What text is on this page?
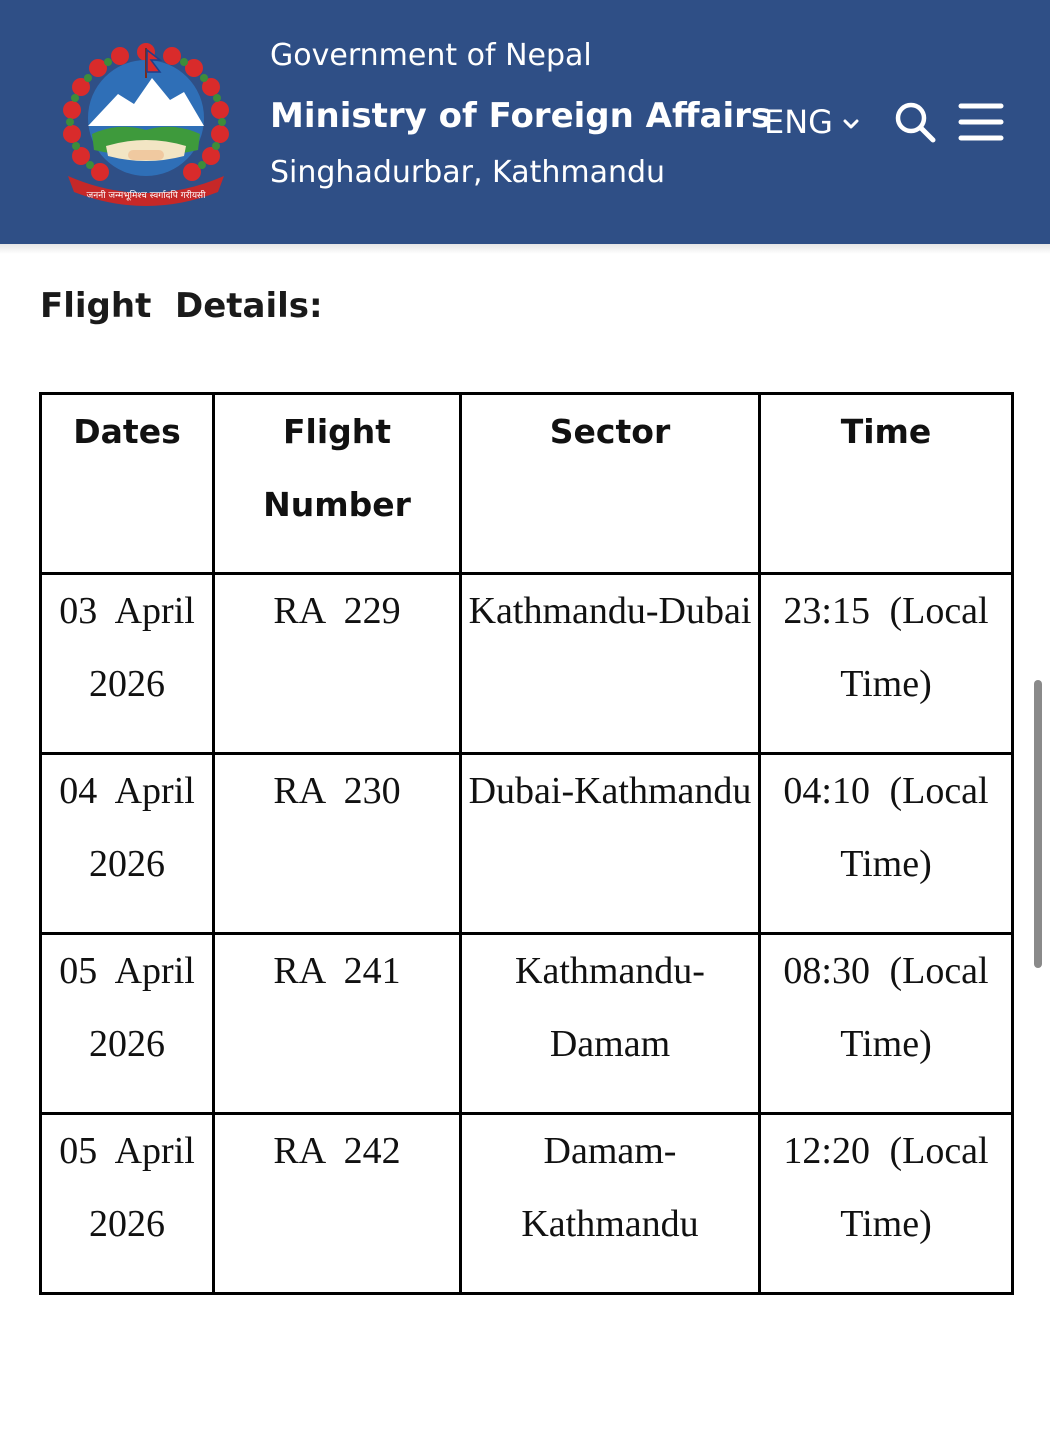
जननी जन्मभूमिश्च स्वर्गादपि गरीयसी
Government of Nepal
Ministry of Foreign Affairs
Singhadurbar, Kathmandu
ENG
Flight  Details:
Dates	Flight Number	Sector	Time
03 April 2026	RA 229	Kathmandu-Dubai	23:15 (Local Time)
04 April 2026	RA 230	Dubai-Kathmandu	04:10 (Local Time)
05 April 2026	RA 241	Kathmandu-Damam	08:30 (Local Time)
05 April 2026	RA 242	Damam-Kathmandu	12:20 (Local Time)
